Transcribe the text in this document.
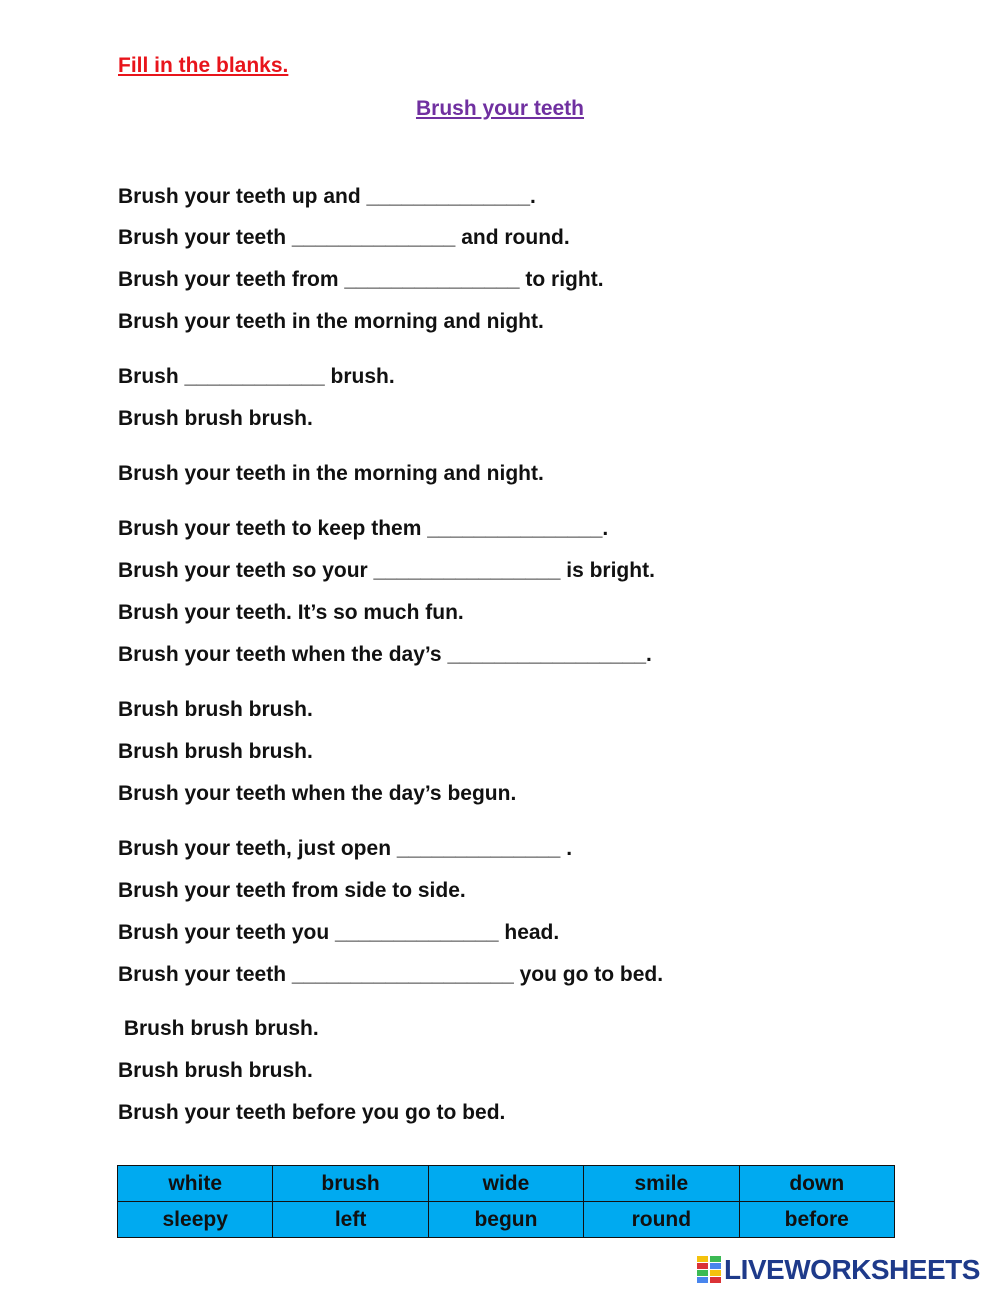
Fill in the blanks.
Brush your teeth
Brush your teeth up and ______________.
Brush your teeth ______________ and round.
Brush your teeth from _______________ to right.
Brush your teeth in the morning and night.
Brush ____________ brush.
Brush brush brush.
Brush your teeth in the morning and night.
Brush your teeth to keep them _______________.
Brush your teeth so your ________________ is bright.
Brush your teeth. It’s so much fun.
Brush your teeth when the day’s _________________.
Brush brush brush.
Brush brush brush.
Brush your teeth when the day’s begun.
Brush your teeth, just open ______________ .
Brush your teeth from side to side.
Brush your teeth you ______________ head.
Brush your teeth ___________________ you go to bed.
Brush brush brush.
Brush brush brush.
Brush your teeth before you go to bed.
white	brush	wide	smile	down
sleepy	left	begun	round	before
LIVEWORKSHEETS
